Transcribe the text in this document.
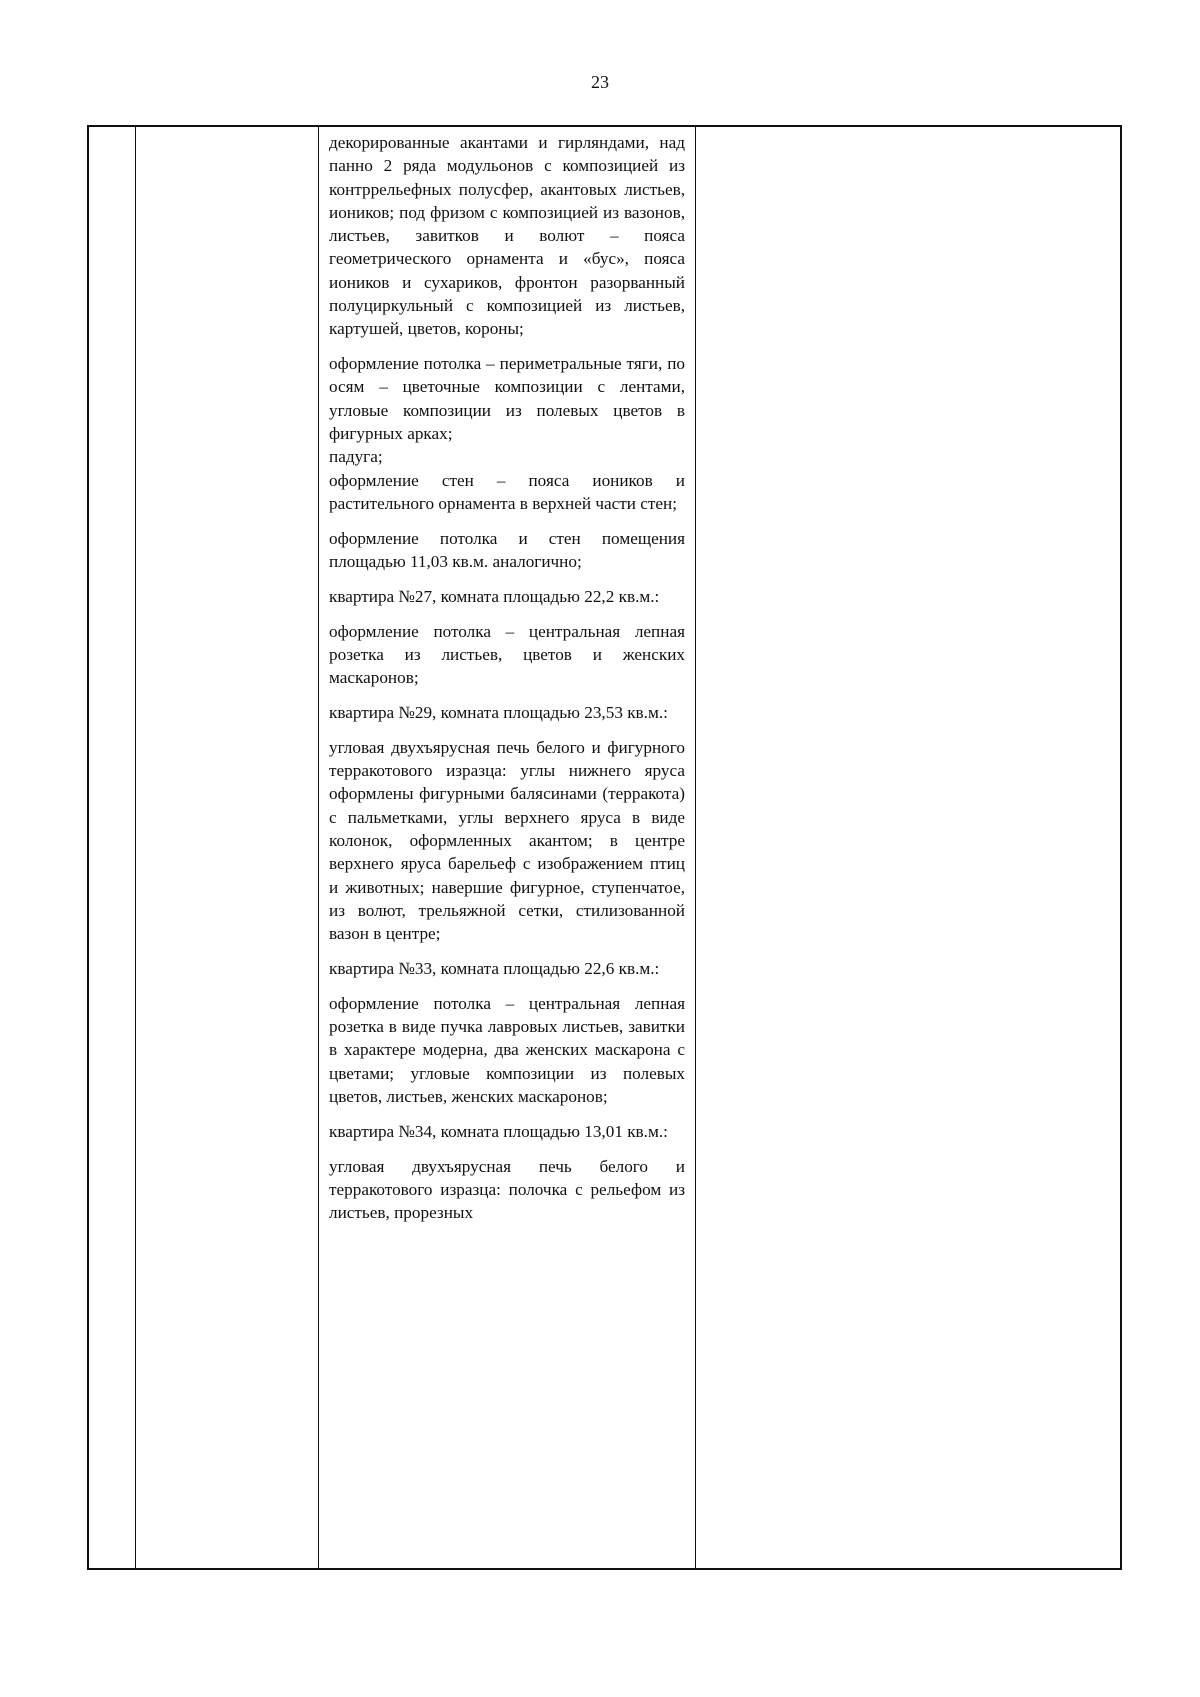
23

декорированные акантами и гирляндами, над панно 2 ряда модульонов с композицией из контррельефных полусфер, акантовых листьев, иоников; под фризом с композицией из вазонов, листьев, завитков и волют – пояса геометрического орнамента и «бус», пояса иоников и сухариков, фронтон разорванный полуциркульный с композицией из листьев, картушей, цветов, короны;

оформление потолка – периметральные тяги, по осям – цветочные композиции с лентами, угловые композиции из полевых цветов в фигурных арках;

падуга;

оформление стен – пояса иоников и растительного орнамента в верхней части стен;

оформление потолка и стен помещения площадью 11,03 кв.м. аналогично;

квартира №27, комната площадью 22,2 кв.м.:

оформление потолка – центральная лепная розетка из листьев, цветов и женских маскаронов;

квартира №29, комната площадью 23,53 кв.м.:

угловая двухъярусная печь белого и фигурного терракотового изразца: углы нижнего яруса оформлены фигурными балясинами (терракота) с пальметками, углы верхнего яруса в виде колонок, оформленных акантом; в центре верхнего яруса барельеф с изображением птиц и животных; навершие фигурное, ступенчатое, из волют, трельяжной сетки, стилизованной вазон в центре;

квартира №33, комната площадью 22,6 кв.м.:

оформление потолка – центральная лепная розетка в виде пучка лавровых листьев, завитки в характере модерна, два женских маскарона с цветами; угловые композиции из полевых цветов, листьев, женских маскаронов;

квартира №34, комната площадью 13,01 кв.м.:

угловая двухъярусная печь белого и терракотового изразца: полочка с рельефом из листьев, прорезных
